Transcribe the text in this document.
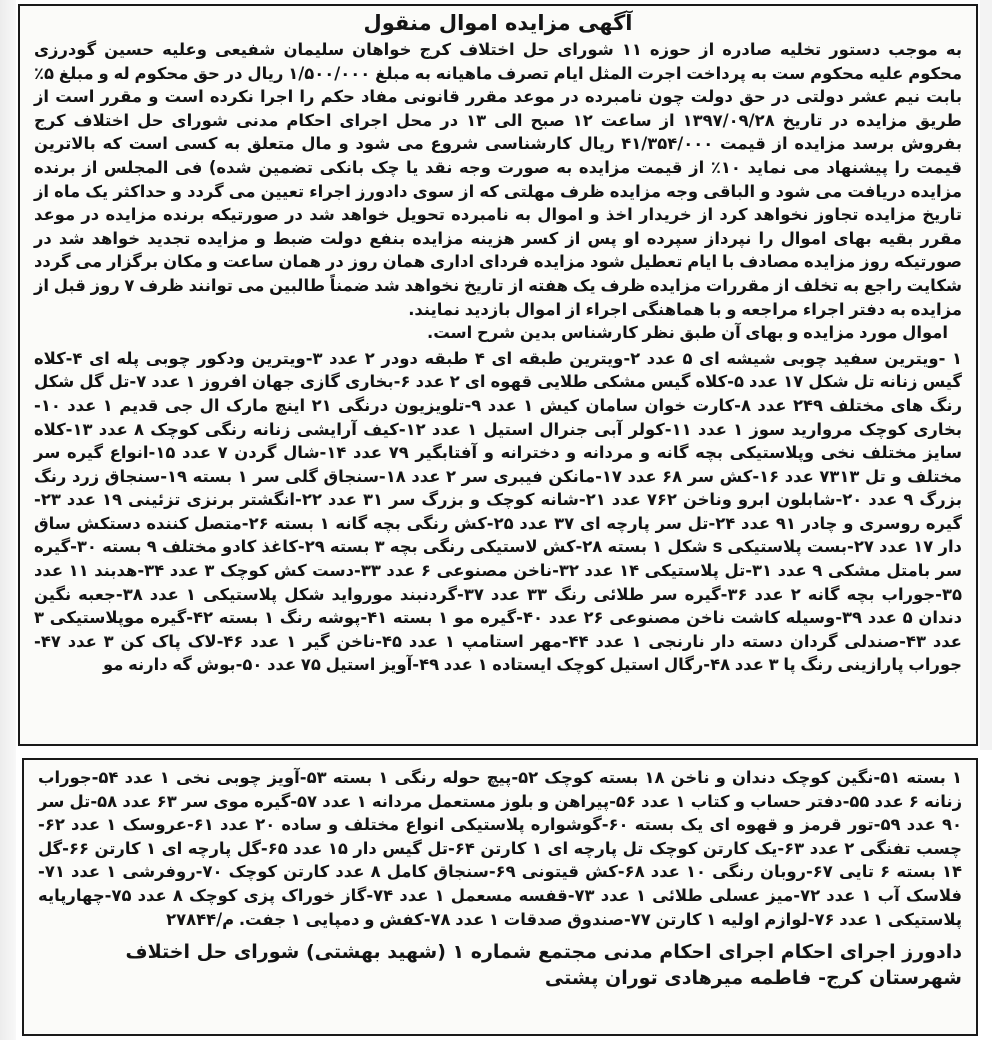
آگهی مزایده اموال منقول

به موجب دستور تخلیه صادره از حوزه ۱۱ شورای حل اختلاف کرج خواهان سلیمان شفیعی وعلیه حسین گودرزی محکوم علیه محکوم ست به پرداخت اجرت المثل ایام تصرف ماهیانه به مبلغ ۱/۵۰۰/۰۰۰ ریال در حق محکوم له و مبلغ ۵٪ بابت نیم عشر دولتی در حق دولت چون نامبرده در موعد مقرر قانونی مفاد حکم را اجرا نکرده است و مقرر است از طریق مزایده در تاریخ ۱۳۹۷/۰۹/۲۸ از ساعت ۱۲ صبح الی ۱۳ در محل اجرای احکام مدنی شورای حل اختلاف کرج بفروش برسد مزایده از قیمت ۴۱/۳۵۴/۰۰۰ ریال کارشناسی شروع می شود و مال متعلق به کسی است که بالاترین قیمت را پیشنهاد می نماید ۱۰٪ از قیمت مزایده به صورت وجه نقد یا چک بانکی تضمین شده) فی المجلس از برنده مزایده دریافت می شود و الباقی وجه مزایده ظرف مهلتی که از سوی دادورز اجراء تعیین می گردد و حداکثر یک ماه از تاریخ مزایده تجاوز نخواهد کرد از خریدار اخذ و اموال به نامبرده تحویل خواهد شد در صورتیکه برنده مزایده در موعد مقرر بقیه بهای اموال را نپرداز سپرده او پس از کسر هزینه مزایده بنفع دولت ضبط و مزایده تجدید خواهد شد در صورتیکه روز مزایده مصادف با ایام تعطیل شود مزایده فردای اداری همان روز در همان ساعت و مکان برگزار می گردد شکایت راجع به تخلف از مقررات مزایده ظرف یک هفته از تاریخ نخواهد شد ضمناً طالبین می توانند ظرف ۷ روز قبل از مزایده به دفتر اجراء مراجعه و با هماهنگی اجراء از اموال بازدید نمایند.

اموال مورد مزایده و بهای آن طبق نظر کارشناس بدین شرح است.

۱ -ویترین سفید چوبی شیشه ای ۵ عدد ۲-ویترین طبقه ای ۴ طبقه دودر ۲ عدد ۳-ویترین ودکور چوبی پله ای ۴-کلاه گیس زنانه تل شکل ۱۷ عدد ۵-کلاه گیس مشکی طلایی قهوه ای ۲ عدد ۶-بخاری گازی جهان افروز ۱ عدد ۷-تل گل شکل رنگ های مختلف ۲۴۹ عدد ۸-کارت خوان سامان کیش ۱ عدد ۹-تلویزیون درنگی ۲۱ اینچ مارک ال جی قدیم ۱ عدد ۱۰-بخاری کوچک مروارید سوز ۱ عدد ۱۱-کولر آبی جنرال استیل ۱ عدد ۱۲-کیف آرایشی زنانه رنگی کوچک ۸ عدد ۱۳-کلاه سایز مختلف نخی وپلاستیکی بچه گانه و مردانه و دخترانه و آفتابگیر ۷۹ عدد ۱۴-شال گردن ۷ عدد ۱۵-انواع گیره سر مختلف و تل ۷۳۱۳ عدد ۱۶-کش سر ۶۸ عدد ۱۷-مانکن فیبری سر ۲ عدد ۱۸-سنجاق گلی سر ۱ بسته ۱۹-سنجاق زرد رنگ بزرگ ۹ عدد ۲۰-شابلون ابرو وناخن ۷۶۲ عدد ۲۱-شانه کوچک و بزرگ سر ۳۱ عدد ۲۲-انگشتر برنزی تزئینی ۱۹ عدد ۲۳-گیره روسری و چادر ۹۱ عدد ۲۴-تل سر پارچه ای ۳۷ عدد ۲۵-کش رنگی بچه گانه ۱ بسته ۲۶-متصل کننده دستکش ساق دار ۱۷ عدد ۲۷-بست پلاستیکی s شکل ۱ بسته ۲۸-کش لاستیکی رنگی بچه ۳ بسته ۲۹-کاغذ کادو مختلف ۹ بسته ۳۰-گیره سر بامتل مشکی ۹ عدد ۳۱-تل پلاستیکی ۱۴ عدد ۳۲-ناخن مصنوعی ۶ عدد ۳۳-دست کش کوچک ۳ عدد ۳۴-هدبند ۱۱ عدد ۳۵-جوراب بچه گانه ۲ عدد ۳۶-گیره سر طلائی رنگ ۳۳ عدد ۳۷-گردنبند مورواید شکل پلاستیکی ۱ عدد ۳۸-جعبه نگین دندان ۵ عدد ۳۹-وسیله کاشت ناخن مصنوعی ۲۶ عدد ۴۰-گیره مو ۱ بسته ۴۱-پوشه رنگ ۱ بسته ۴۲-گیره موپلاستیکی ۳ عدد ۴۳-صندلی گردان دسته دار نارنجی ۱ عدد ۴۴-مهر استامپ ۱ عدد ۴۵-ناخن گیر ۱ عدد ۴۶-لاک پاک کن ۳ عدد ۴۷-جوراب پارازینی رنگ پا ۳ عدد ۴۸-رگال استیل کوچک ایستاده ۱ عدد ۴۹-آویز استیل ۷۵ عدد ۵۰-بوش گه دارنه مو

۱ بسته ۵۱-نگین کوچک دندان و ناخن ۱۸ بسته کوچک ۵۲-پیچ حوله رنگی ۱ بسته ۵۳-آویز چوبی نخی ۱ عدد ۵۴-جوراب زنانه ۶ عدد ۵۵-دفتر حساب و کتاب ۱ عدد ۵۶-پیراهن و بلوز مستعمل مردانه ۱ عدد ۵۷-گیره موی سر ۶۳ عدد ۵۸-تل سر ۹۰ عدد ۵۹-تور قرمز و قهوه ای یک بسته ۶۰-گوشواره پلاستیکی انواع مختلف و ساده ۲۰ عدد ۶۱-عروسک ۱ عدد ۶۲-چسب تفنگی ۲ عدد ۶۳-یک کارتن کوچک تل پارچه ای ۱ کارتن ۶۴-تل گیس دار ۱۵ عدد ۶۵-گل پارچه ای ۱ کارتن ۶۶-گل ۱۴ بسته ۶ تایی ۶۷-روبان رنگی ۱۰ عدد ۶۸-کش قیتونی ۶۹-سنجاق کامل ۸ عدد کارتن کوچک ۷۰-روفرشی ۱ عدد ۷۱-فلاسک آب ۱ عدد ۷۲-میز عسلی طلائی ۱ عدد ۷۳-قفسه مسعمل ۱ عدد ۷۴-گاز خوراک پزی کوچک ۸ عدد ۷۵-چهارپایه پلاستیکی ۱ عدد ۷۶-لوازم اولیه ۱ کارتن ۷۷-صندوق صدقات ۱ عدد ۷۸-کفش و دمپایی ۱ جفت. م/۲۷۸۴۴

دادورز اجرای احکام اجرای احکام مدنی مجتمع شماره ۱ (شهید بهشتی) شورای حل اختلاف شهرستان کرج- فاطمه میرهادی توران پشتی
